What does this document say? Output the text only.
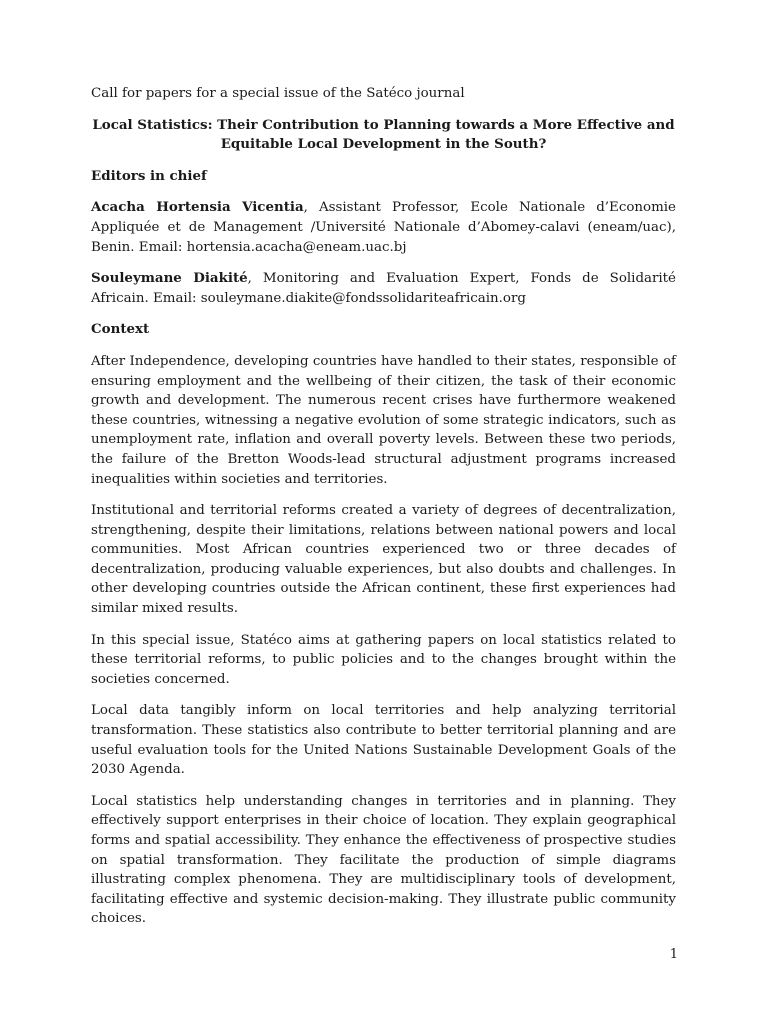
Call for papers for a special issue of the Satéco journal
Local Statistics: Their Contribution to Planning towards a More Effective and
Equitable Local Development in the South?
Editors in chief

Acacha Hortensia Vicentia, Assistant Professor, Ecole Nationale d’Economie Appliquée et de Management /Université Nationale d’Abomey-calavi (eneam/uac), Benin. Email: hortensia.acacha@eneam.uac.bj

Souleymane Diakité, Monitoring and Evaluation Expert, Fonds de Solidarité Africain. Email: souleymane.diakite@fondssolidariteafricain.org

Context

After Independence, developing countries have handled to their states, responsible of ensuring employment and the wellbeing of their citizen, the task of their economic growth and development. The numerous recent crises have furthermore weakened these countries, witnessing a negative evolution of some strategic indicators, such as unemployment rate, inflation and overall poverty levels. Between these two periods, the failure of the Bretton Woods-lead structural adjustment programs increased inequalities within societies and territories.

Institutional and territorial reforms created a variety of degrees of decentralization, strengthening, despite their limitations, relations between national powers and local communities. Most African countries experienced two or three decades of decentralization, producing valuable experiences, but also doubts and challenges. In other developing countries outside the African continent, these first experiences had similar mixed results.

In this special issue, Statéco aims at gathering papers on local statistics related to these territorial reforms, to public policies and to the changes brought within the societies concerned.

Local data tangibly inform on local territories and help analyzing territorial transformation. These statistics also contribute to better territorial planning and are useful evaluation tools for the United Nations Sustainable Development Goals of the 2030 Agenda.

Local statistics help understanding changes in territories and in planning. They effectively support enterprises in their choice of location. They explain geographical forms and spatial accessibility. They enhance the effectiveness of prospective studies on spatial transformation. They facilitate the production of simple diagrams illustrating complex phenomena. They are multidisciplinary tools of development, facilitating effective and systemic decision-making. They illustrate public community choices.

1
